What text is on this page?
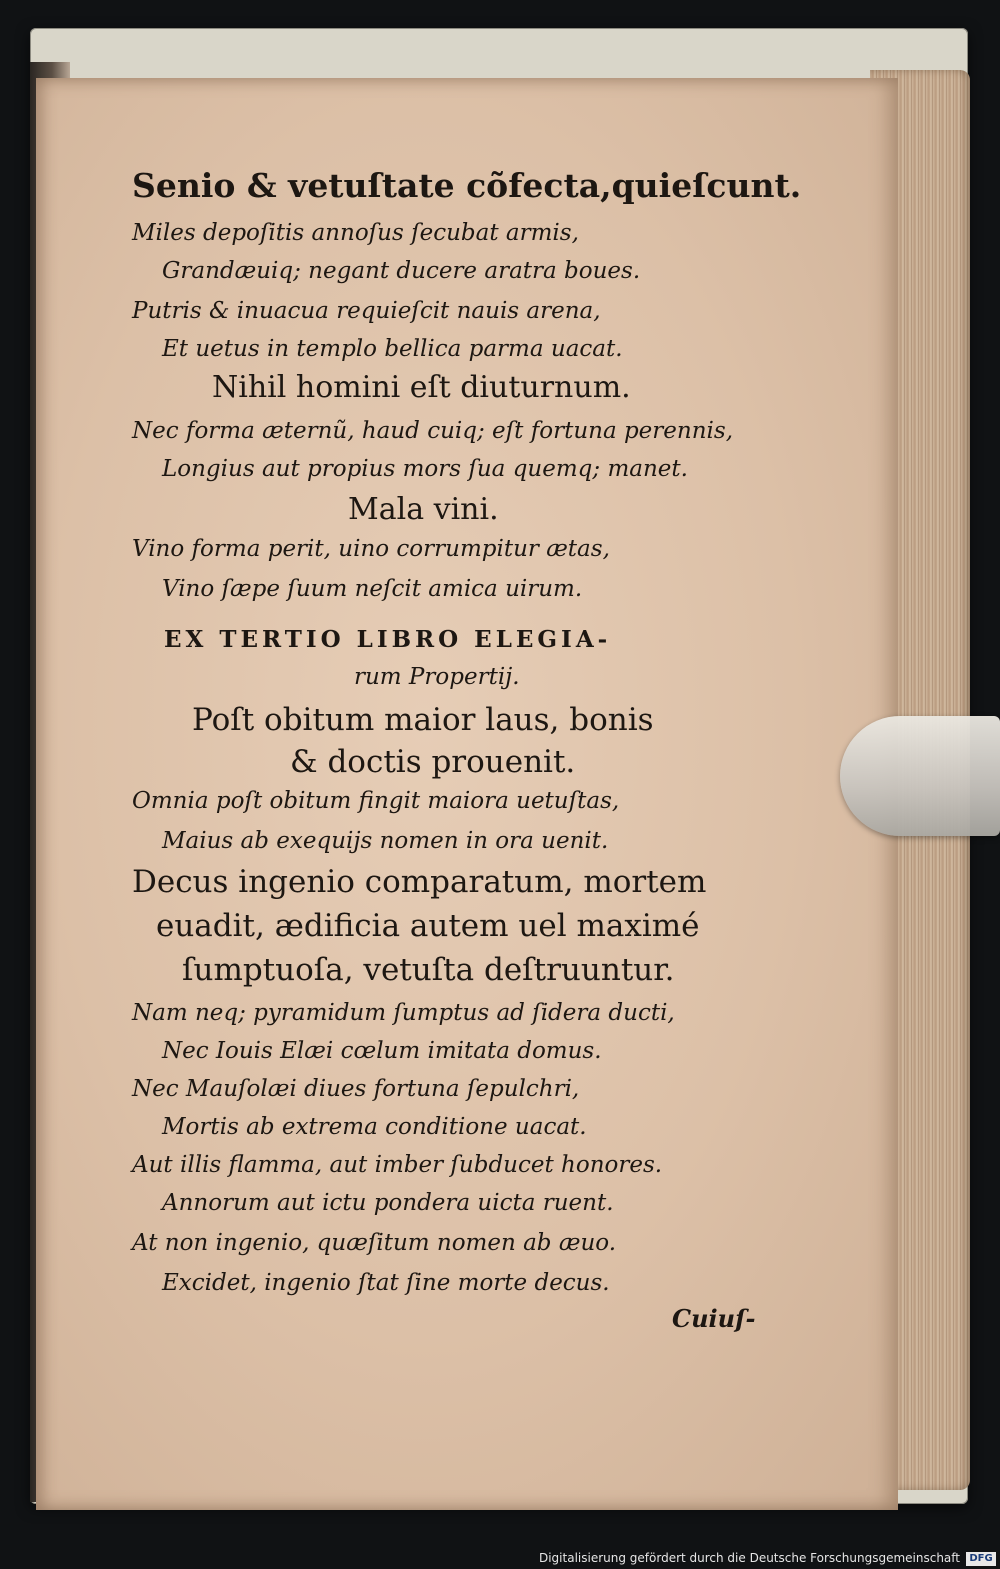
Senio & vetuſtate cõfecta,quieſcunt.
Miles depoſitis annoſus ſecubat armis,
Grandæuiq; negant ducere aratra boues.
Putris & inuacua requieſcit nauis arena,
Et uetus in templo bellica parma uacat.
Nihil homini eſt diuturnum.
Nec forma æternũ, haud cuiq; eſt fortuna perennis,
Longius aut propius mors ſua quemq; manet.
Mala vini.
Vino forma perit, uino corrumpitur ætas,
Vino ſæpe ſuum neſcit amica uirum.
EX TERTIO LIBRO ELEGIA-
rum Propertij.
Poſt obitum maior laus, bonis
& doctis prouenit.
Omnia poſt obitum fingit maiora uetuſtas,
Maius ab exequijs nomen in ora uenit.
Decus ingenio comparatum, mortem
euadit, ædificia autem uel maximé
ſumptuoſa, vetuſta deſtruuntur.
Nam neq; pyramidum ſumptus ad ſidera ducti,
Nec Iouis Elæi cœlum imitata domus.
Nec Mauſolæi diues fortuna ſepulchri,
Mortis ab extrema conditione uacat.
Aut illis flamma, aut imber ſubducet honores.
Annorum aut ictu pondera uicta ruent.
At non ingenio, quæſitum nomen ab æuo.
Excidet, ingenio ſtat ſine morte decus.
Cuiuſ-
Digitalisierung gefördert durch die Deutsche Forschungsgemeinschaft DFG
